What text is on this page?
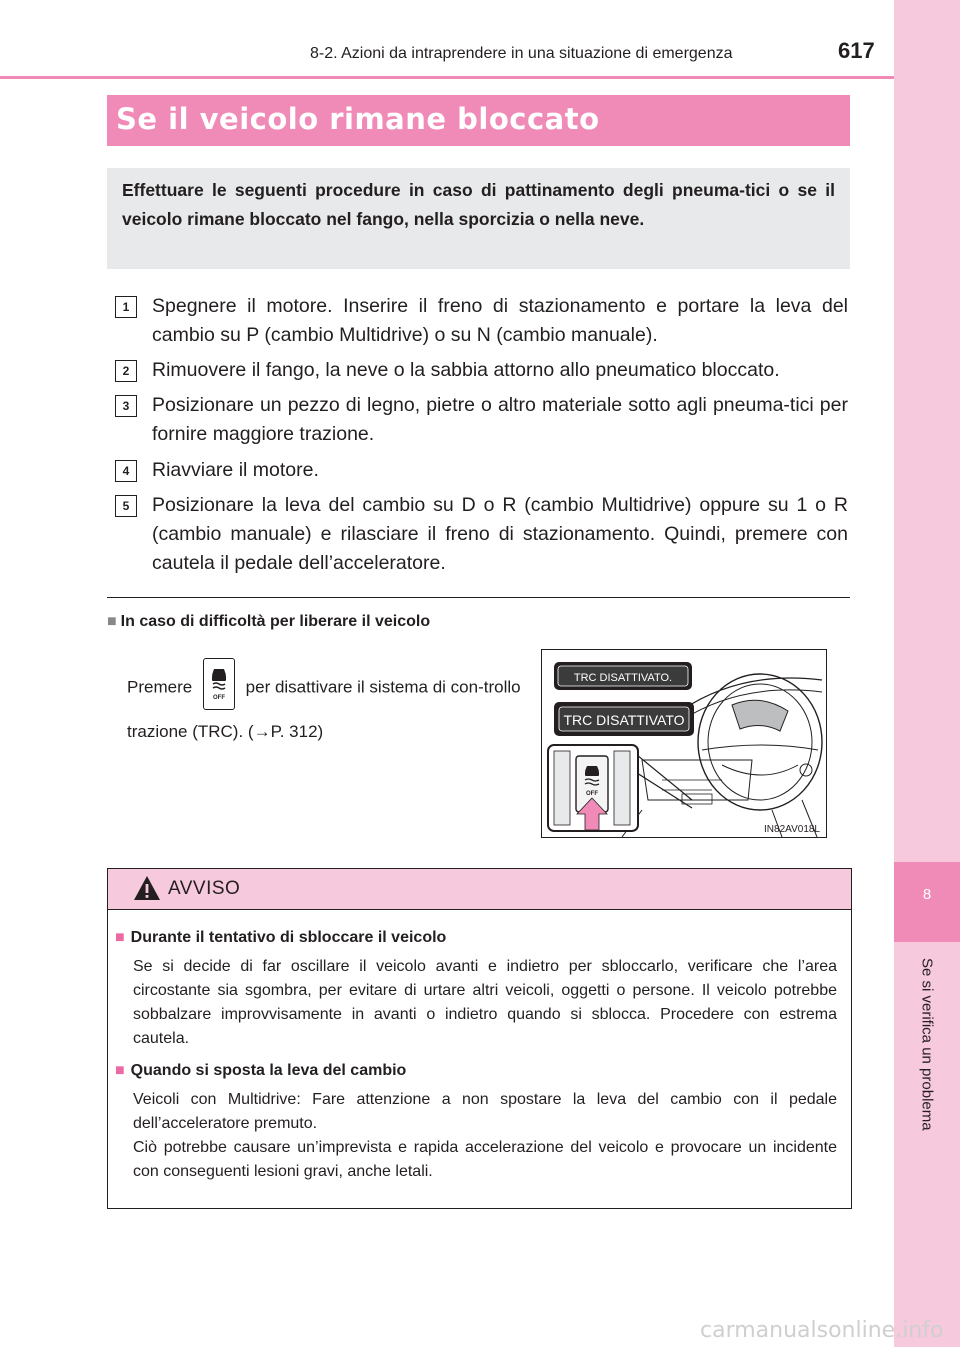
8
Se si verifica un problema
8-2. Azioni da intraprendere in una situazione di emergenza	617
Se il veicolo rimane bloccato

Effettuare le seguenti procedure in caso di pattinamento degli pneuma-tici o se il veicolo rimane bloccato nel fango, nella sporcizia o nella neve.

1	Spegnere il motore. Inserire il freno di stazionamento e portare la leva del cambio su P (cambio Multidrive) o su N (cambio manuale).
2	Rimuovere il fango, la neve o la sabbia attorno allo pneumatico bloccato.
3	Posizionare un pezzo di legno, pietre o altro materiale sotto agli pneuma-tici per fornire maggiore trazione.
4	Riavviare il motore.
5	Posizionare la leva del cambio su D o R (cambio Multidrive) oppure su 1 o R (cambio manuale) e rilasciare il freno di stazionamento. Quindi, premere con cautela il pedale dell’acceleratore.
■ In caso di difficoltà per liberare il veicolo
Premere
OFF
per disattivare il sistema di con-trollo trazione (TRC). (→P. 312)
TRC DISATTIVATO.
TRC DISATTIVATO
OFF
IN82AV018L
AVVISO
■ Durante il tentativo di sbloccare il veicolo
Se si decide di far oscillare il veicolo avanti e indietro per sbloccarlo, verificare che l’area circostante sia sgombra, per evitare di urtare altri veicoli, oggetti o persone. Il veicolo potrebbe sobbalzare improvvisamente in avanti o indietro quando si sblocca. Procedere con estrema cautela.
■ Quando si sposta la leva del cambio
Veicoli con Multidrive: Fare attenzione a non spostare la leva del cambio con il pedale dell’acceleratore premuto.
Ciò potrebbe causare un’imprevista e rapida accelerazione del veicolo e provocare un incidente con conseguenti lesioni gravi, anche letali.
carmanualsonline.info
